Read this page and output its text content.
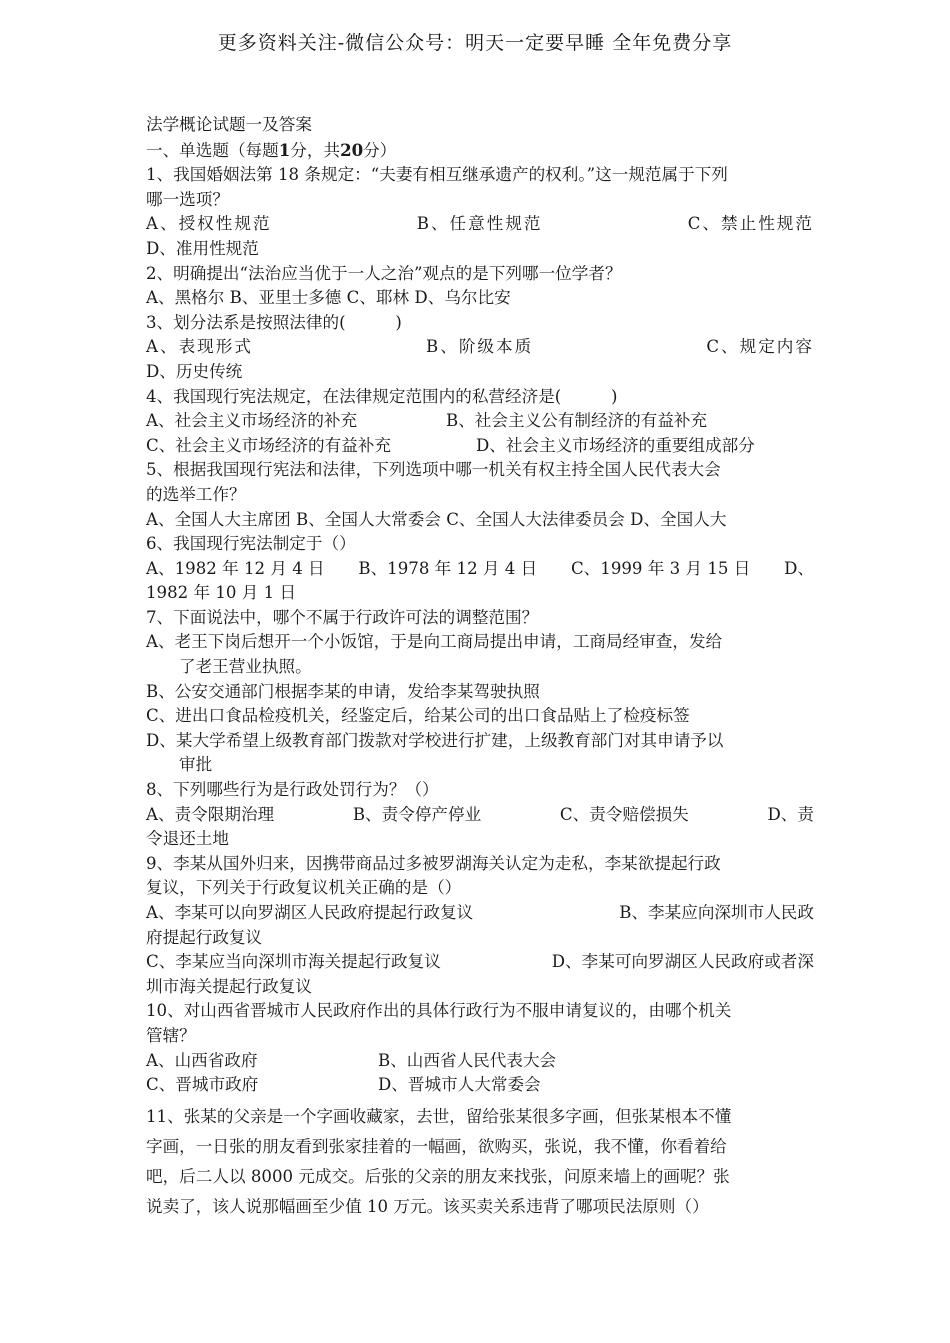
更多资料关注-微信公众号：明天一定要早睡 全年免费分享

法学概论试题一及答案

一、单选题（每题1分，共20分）

1、我国婚姻法第 18 条规定：“夫妻有相互继承遗产的权利。”这一规范属于下列

哪一选项？

A、授权性规范	B、任意性规范	C、禁止性规范

D、准用性规范

2、明确提出“法治应当优于一人之治”观点的是下列哪一位学者？

A、黑格尔 B、亚里士多德 C、耶林 D、乌尔比安

3、划分法系是按照法律的(　　　)

A、表现形式	B、阶级本质	C、规定内容

D、历史传统

4、我国现行宪法规定，在法律规定范围内的私营经济是(　　　)

A、社会主义市场经济的补充	B、社会主义公有制经济的有益补充
C、社会主义市场经济的有益补充	D、社会主义市场经济的重要组成部分

5、根据我国现行宪法和法律，下列选项中哪一机关有权主持全国人民代表大会

的选举工作？

A、全国人大主席团 B、全国人大常委会 C、全国人大法律委员会 D、全国人大

6、我国现行宪法制定于（）

A、1982 年 12 月 4 日 B、1978 年 12 月 4 日 C、1999 年 3 月 15 日 D、

1982 年 10 月 1 日

7、下面说法中，哪个不属于行政许可法的调整范围？

A、老王下岗后想开一个小饭馆，于是向工商局提出申请，工商局经审查，发给

了老王营业执照。

B、公安交通部门根据李某的申请，发给李某驾驶执照

C、进出口食品检疫机关，经鉴定后，给某公司的出口食品贴上了检疫标签

D、某大学希望上级教育部门拨款对学校进行扩建，上级教育部门对其申请予以

审批

8、下列哪些行为是行政处罚行为？（）

A、责令限期治理	B、责令停产停业	C、责令赔偿损失	D、责

令退还土地

9、李某从国外归来，因携带商品过多被罗湖海关认定为走私，李某欲提起行政

复议，下列关于行政复议机关正确的是（）

A、李某可以向罗湖区人民政府提起行政复议	B、李某应向深圳市人民政

府提起行政复议

C、李某应当向深圳市海关提起行政复议	D、李某可向罗湖区人民政府或者深

圳市海关提起行政复议

10、对山西省晋城市人民政府作出的具体行政行为不服申请复议的，由哪个机关

管辖？

A、山西省政府	B、山西省人民代表大会
C、晋城市政府	D、晋城市人大常委会

11、张某的父亲是一个字画收藏家，去世，留给张某很多字画，但张某根本不懂

字画，一日张的朋友看到张家挂着的一幅画，欲购买，张说，我不懂，你看着给

吧，后二人以 8000 元成交。后张的父亲的朋友来找张，问原来墙上的画呢？张

说卖了，该人说那幅画至少值 10 万元。该买卖关系违背了哪项民法原则（）
